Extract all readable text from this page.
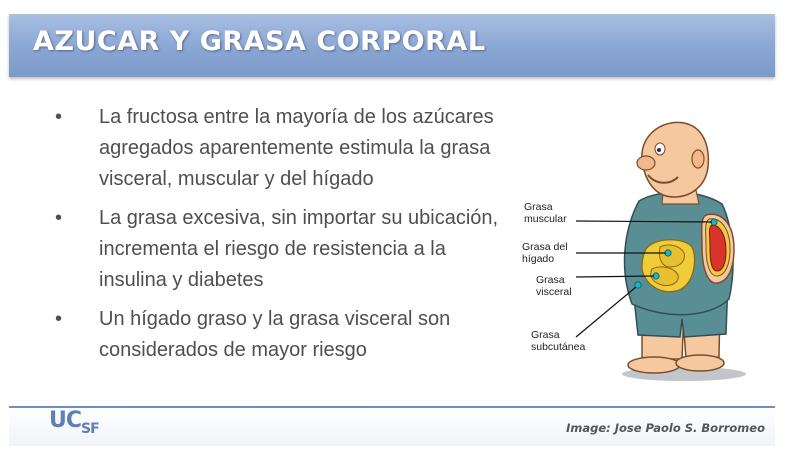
AZUCAR Y GRASA CORPORAL
• La fructosa entre la mayoría de los azúcares agregados aparentemente estimula la grasa visceral, muscular y del hígado
• La grasa excesiva, sin importar su ubicación, incrementa el riesgo de resistencia a la insulina y diabetes
• Un hígado graso y la grasa visceral son considerados de mayor riesgo
Grasa
muscular
Grasa del
hígado
Grasa
visceral
Grasa
subcutánea
$UC_{SF}$	Image: Jose Paolo S. Borromeo
